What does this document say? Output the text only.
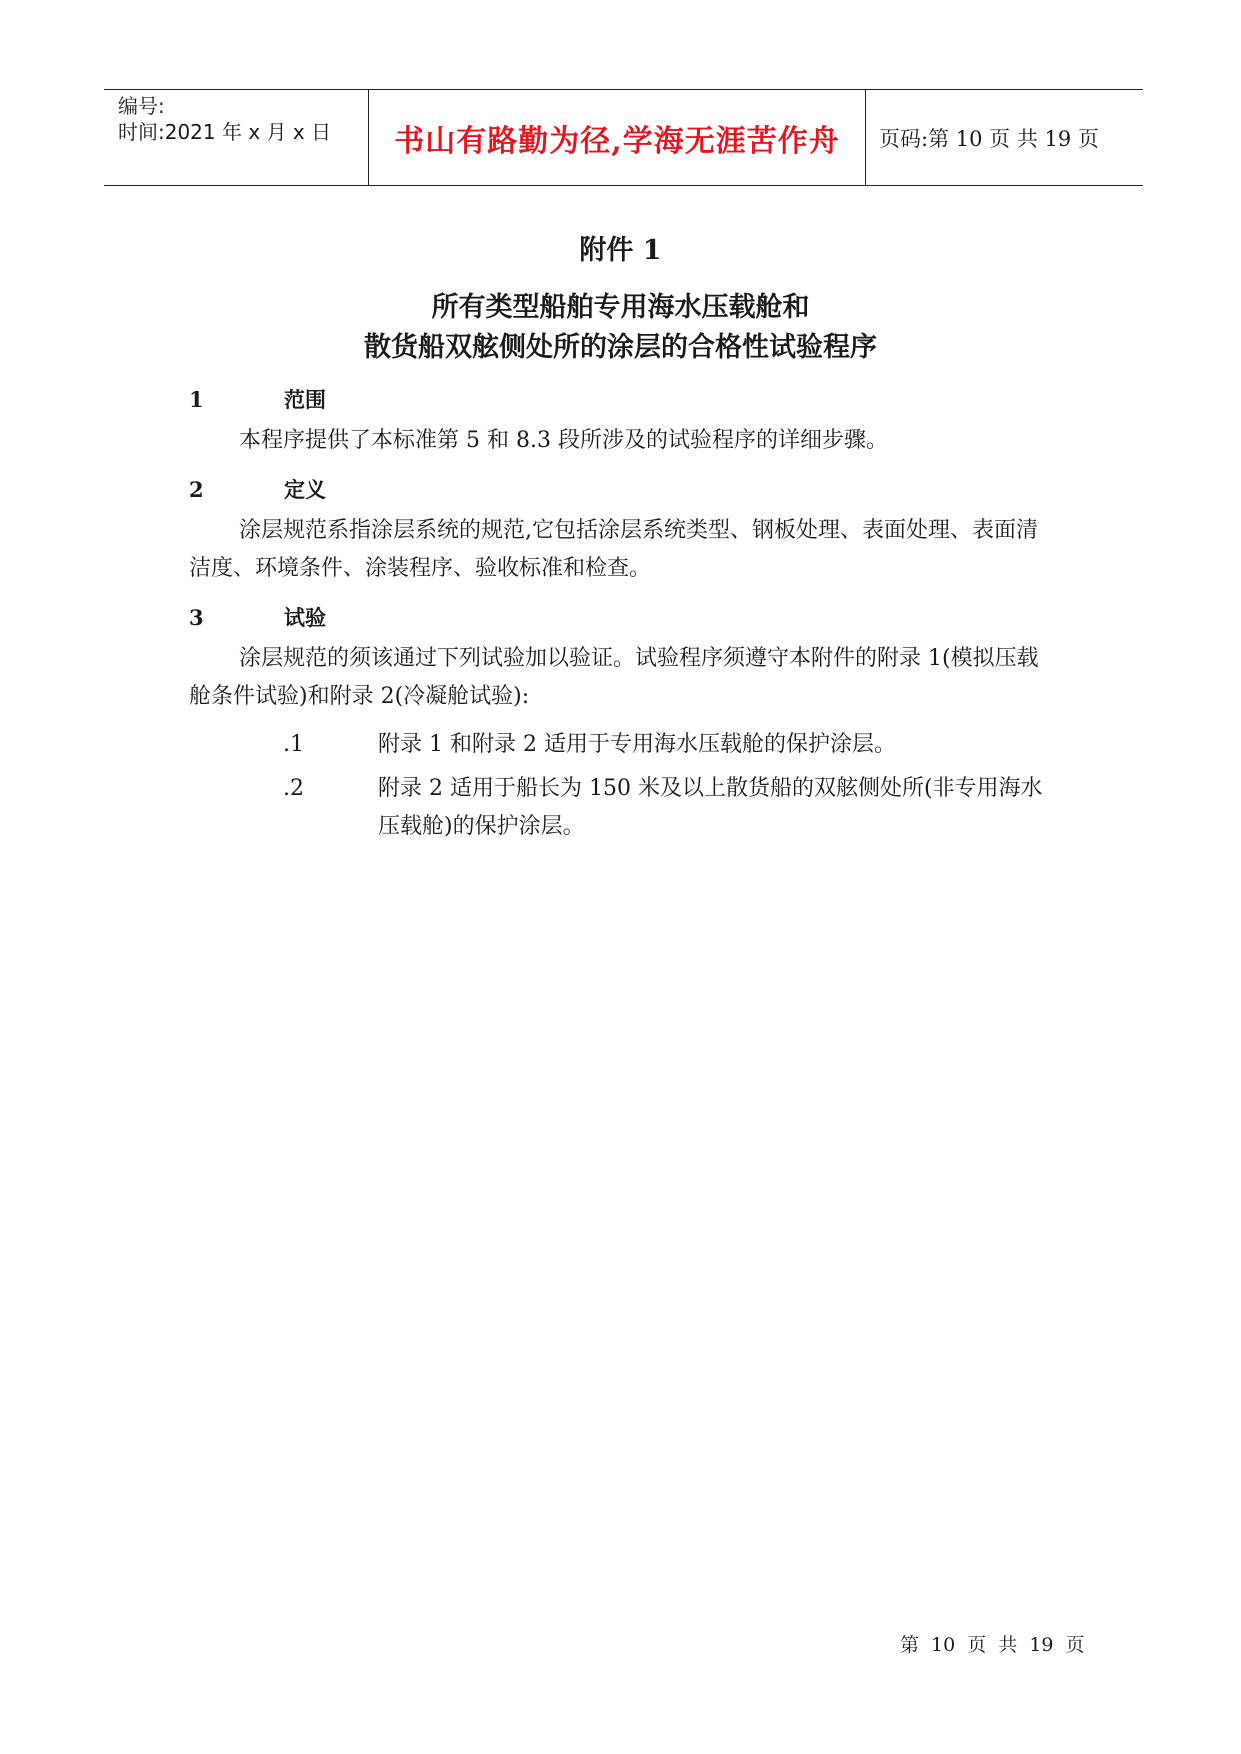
编号:
时间:2021 年 x 月 x 日 书山有路勤为径,学海无涯苦作舟 页码:第 10 页 共 19 页
附件 1
所有类型船舶专用海水压载舱和
散货船双舷侧处所的涂层的合格性试验程序
1	范围
本程序提供了本标准第 5 和 8.3 段所涉及的试验程序的详细步骤。
2	定义
涂层规范系指涂层系统的规范,它包括涂层系统类型、钢板处理、表面处理、表面清洁度、环境条件、涂装程序、验收标准和检查。
3	试验
涂层规范的须该通过下列试验加以验证。试验程序须遵守本附件的附录 1(模拟压载舱条件试验)和附录 2(冷凝舱试验):
.1	附录 1 和附录 2 适用于专用海水压载舱的保护涂层。
.2	附录 2 适用于船长为 150 米及以上散货船的双舷侧处所(非专用海水压载舱)的保护涂层。
第 10 页 共 19 页
